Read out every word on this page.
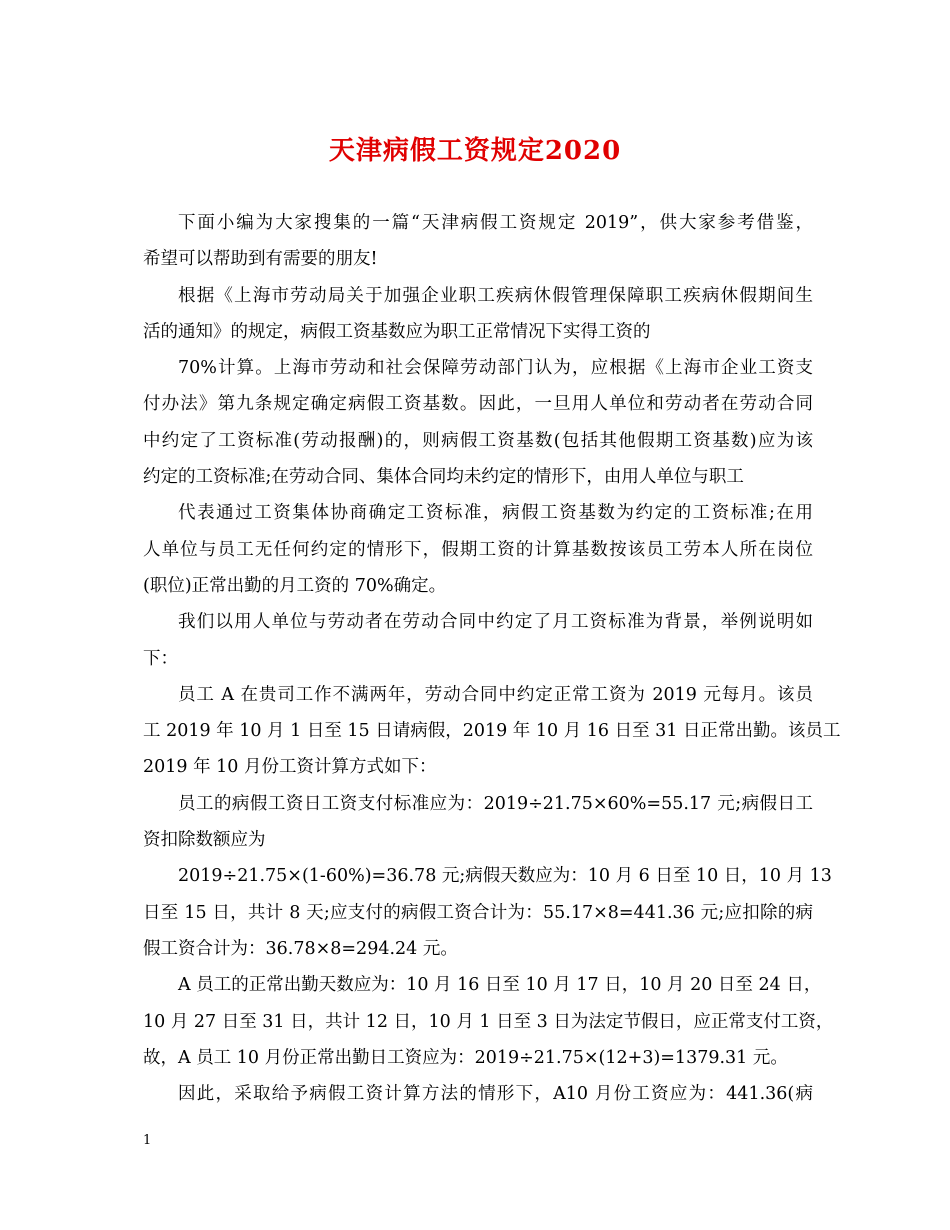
天津病假工资规定2020
下面小编为大家搜集的一篇“天津病假工资规定 2019”，供大家参考借鉴，
希望可以帮助到有需要的朋友!
根据《上海市劳动局关于加强企业职工疾病休假管理保障职工疾病休假期间生
活的通知》的规定，病假工资基数应为职工正常情况下实得工资的
70%计算。上海市劳动和社会保障劳动部门认为，应根据《上海市企业工资支
付办法》第九条规定确定病假工资基数。因此，一旦用人单位和劳动者在劳动合同
中约定了工资标准(劳动报酬)的，则病假工资基数(包括其他假期工资基数)应为该
约定的工资标准;在劳动合同、集体合同均未约定的情形下，由用人单位与职工
代表通过工资集体协商确定工资标准，病假工资基数为约定的工资标准;在用
人单位与员工无任何约定的情形下，假期工资的计算基数按该员工劳本人所在岗位
(职位)正常出勤的月工资的 70%确定。
我们以用人单位与劳动者在劳动合同中约定了月工资标准为背景，举例说明如
下：
员工 A 在贵司工作不满两年，劳动合同中约定正常工资为 2019 元每月。该员
工 2019 年 10 月 1 日至 15 日请病假，2019 年 10 月 16 日至 31 日正常出勤。该员工
2019 年 10 月份工资计算方式如下：
员工的病假工资日工资支付标准应为：2019÷21.75×60%=55.17 元;病假日工
资扣除数额应为
2019÷21.75×(1-60%)=36.78 元;病假天数应为：10 月 6 日至 10 日，10 月 13
日至 15 日，共计 8 天;应支付的病假工资合计为：55.17×8=441.36 元;应扣除的病
假工资合计为：36.78×8=294.24 元。
A 员工的正常出勤天数应为：10 月 16 日至 10 月 17 日，10 月 20 日至 24 日，
10 月 27 日至 31 日，共计 12 日，10 月 1 日至 3 日为法定节假日，应正常支付工资，
故，A 员工 10 月份正常出勤日工资应为：2019÷21.75×(12+3)=1379.31 元。
因此，采取给予病假工资计算方法的情形下，A10 月份工资应为：441.36(病
1
